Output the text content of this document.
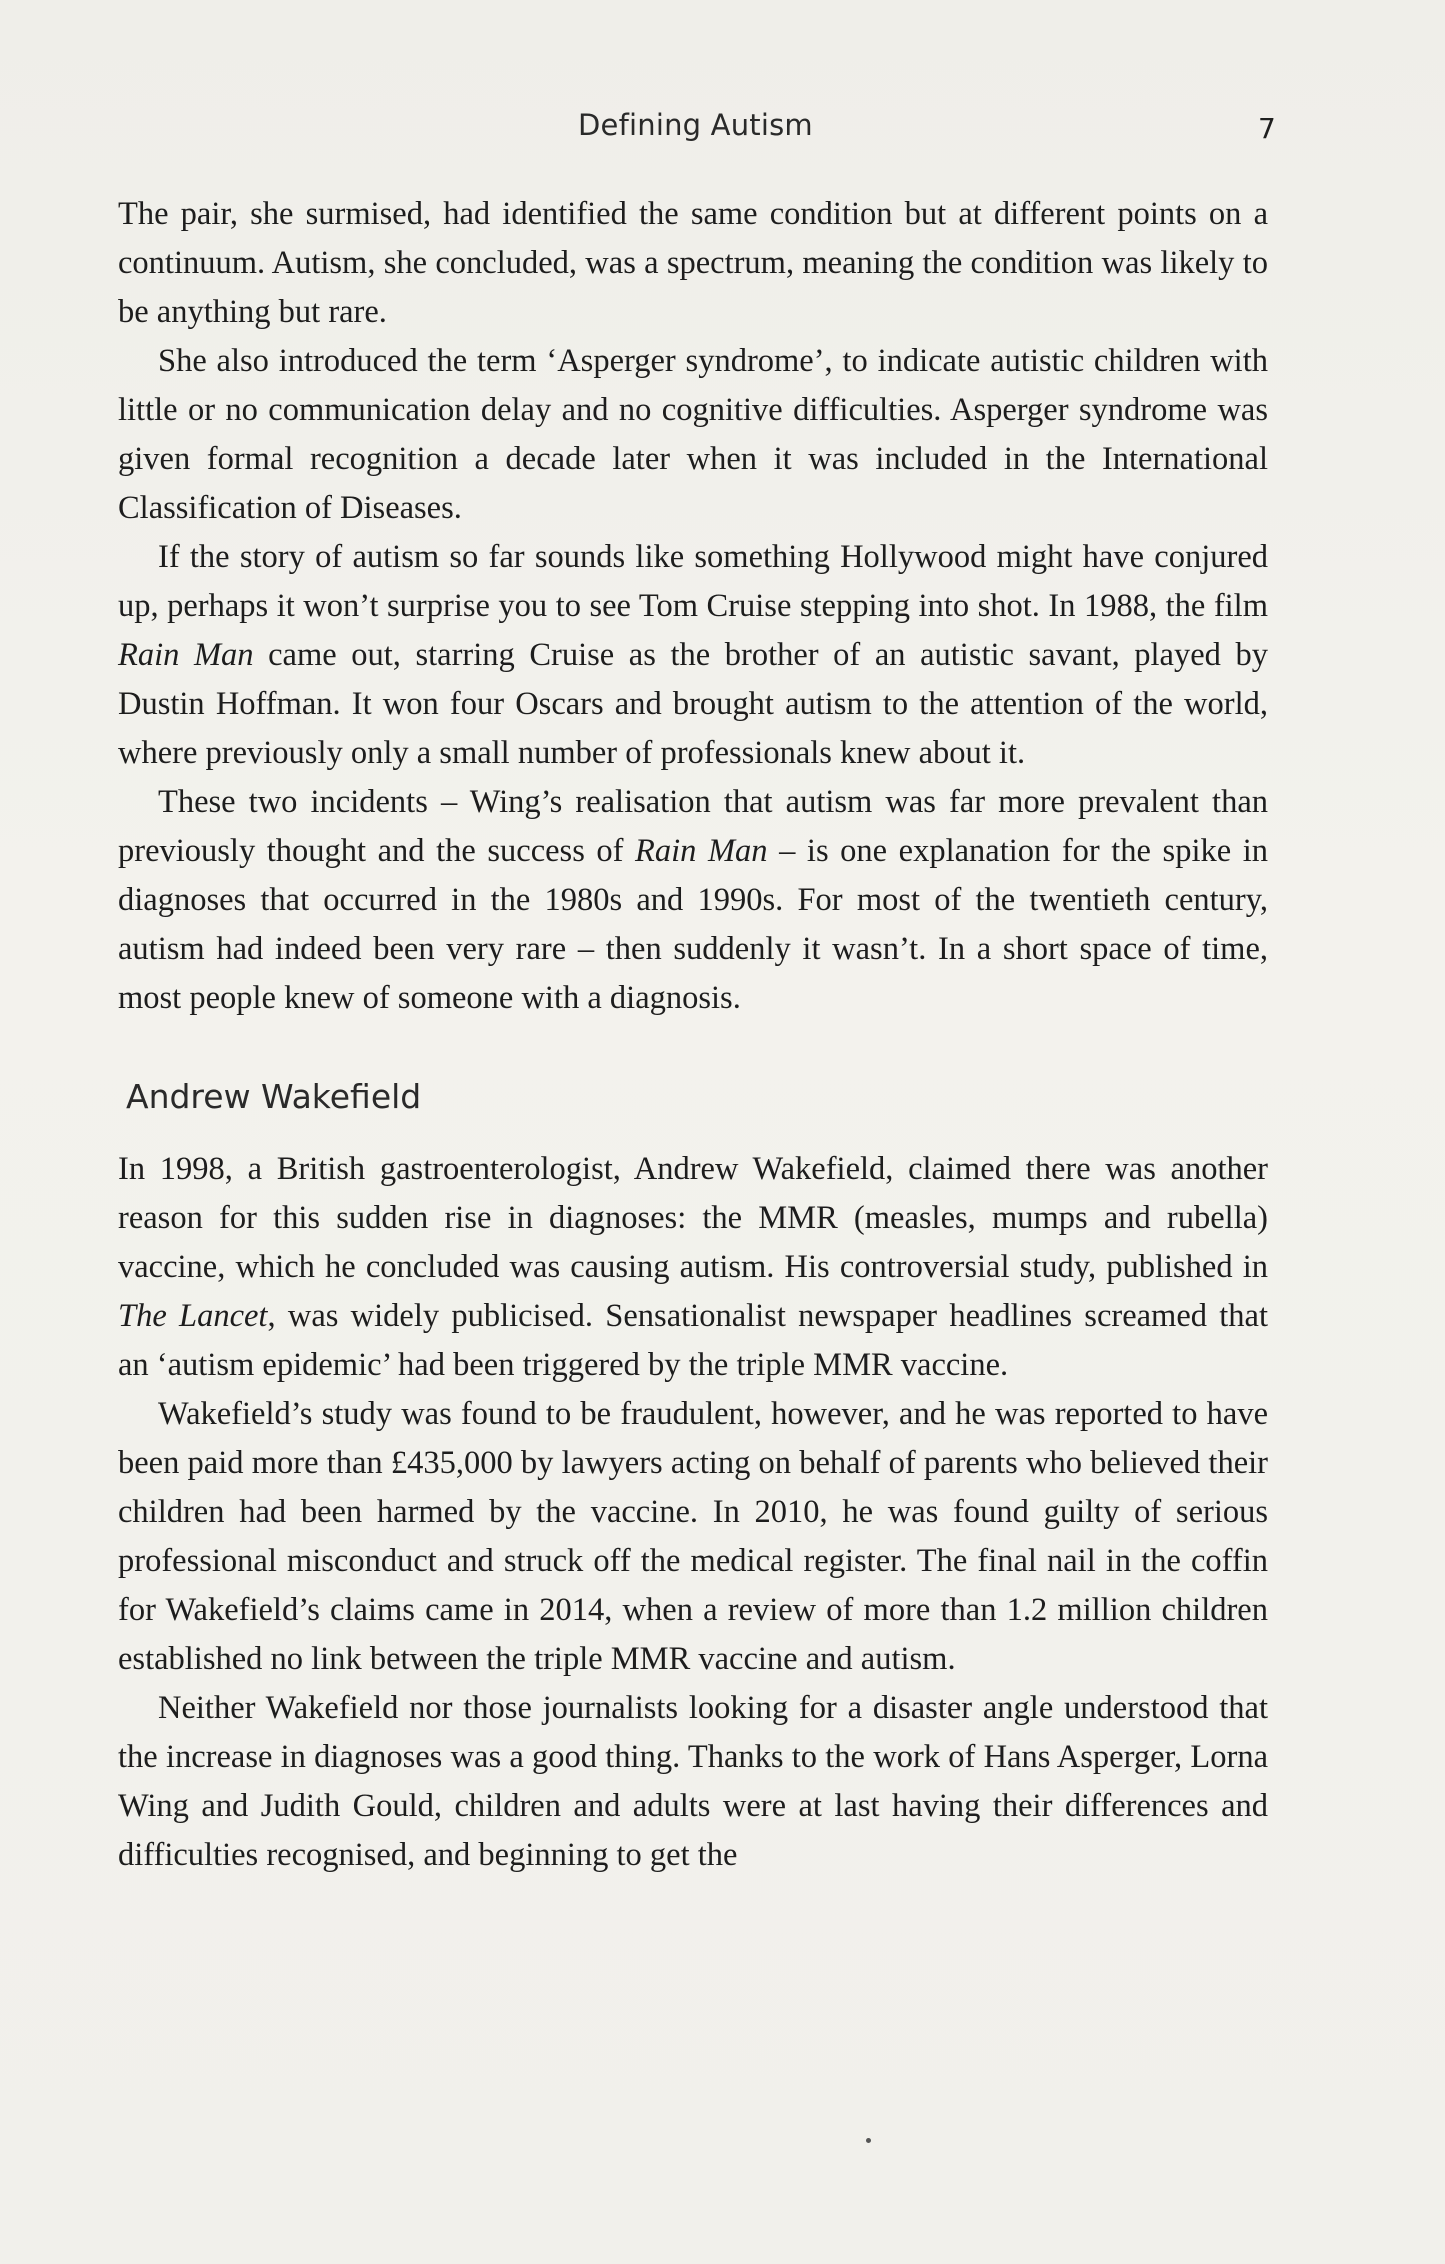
Defining Autism	7

The pair, she surmised, had identified the same condition but at different points on a continuum. Autism, she concluded, was a spectrum, meaning the condition was likely to be anything but rare.

She also introduced the term ‘Asperger syndrome’, to indicate autistic children with little or no communication delay and no cognitive difficulties. Asperger syndrome was given formal recognition a decade later when it was included in the International Classification of Diseases.

If the story of autism so far sounds like something Hollywood might have conjured up, perhaps it won’t surprise you to see Tom Cruise stepping into shot. In 1988, the film Rain Man came out, starring Cruise as the brother of an autistic savant, played by Dustin Hoffman. It won four Oscars and brought autism to the attention of the world, where previously only a small number of professionals knew about it.

These two incidents – Wing’s realisation that autism was far more prevalent than previously thought and the success of Rain Man – is one explanation for the spike in diagnoses that occurred in the 1980s and 1990s. For most of the twentieth century, autism had indeed been very rare – then suddenly it wasn’t. In a short space of time, most people knew of someone with a diagnosis.

Andrew Wakefield

In 1998, a British gastroenterologist, Andrew Wakefield, claimed there was another reason for this sudden rise in diagnoses: the MMR (measles, mumps and rubella) vaccine, which he concluded was causing autism. His controversial study, published in The Lancet, was widely publicised. Sensationalist newspaper headlines screamed that an ‘autism epidemic’ had been triggered by the triple MMR vaccine.

Wakefield’s study was found to be fraudulent, however, and he was reported to have been paid more than £435,000 by lawyers acting on behalf of parents who believed their children had been harmed by the vaccine. In 2010, he was found guilty of serious professional misconduct and struck off the medical register. The final nail in the coffin for Wakefield’s claims came in 2014, when a review of more than 1.2 million children established no link between the triple MMR vaccine and autism.

Neither Wakefield nor those journalists looking for a disaster angle understood that the increase in diagnoses was a good thing. Thanks to the work of Hans Asperger, Lorna Wing and Judith Gould, children and adults were at last having their differences and difficulties recognised, and beginning to get the
